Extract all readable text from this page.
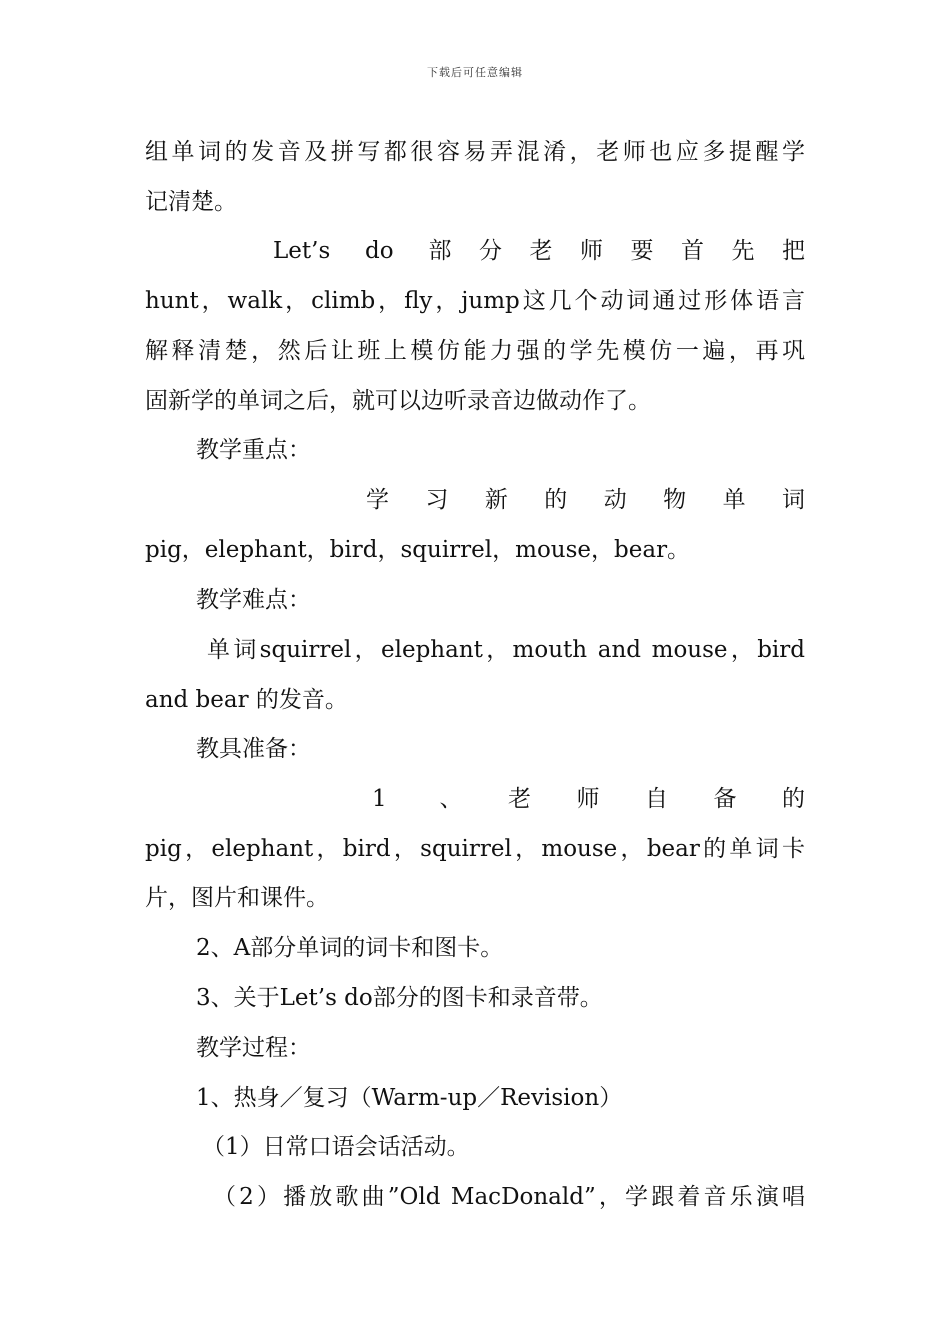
下载后可任意编辑
组单词的发音及拼写都很容易弄混淆，老师也应多提醒学
记清楚。
Let’s do 部分老师要首先把
hunt，walk，climb，fly，jump这几个动词通过形体语言
解释清楚，然后让班上模仿能力强的学先模仿一遍，再巩
固新学的单词之后，就可以边听录音边做动作了。
教学重点：
学习新的动物单词
pig，elephant，bird，squirrel，mouse，bear。
教学难点：
单词squirrel，elephant，mouth and mouse，bird
and bear 的发音。
教具准备：
1 、老师自备的
pig，elephant，bird，squirrel，mouse，bear的单词卡
片，图片和课件。
2、A部分单词的词卡和图卡。
3、关于Let’s do部分的图卡和录音带。
教学过程：
1、热身／复习（Warm-up／Revision）
（1）日常口语会话活动。
（2）播放歌曲”Old MacDonald”，学跟着音乐演唱
